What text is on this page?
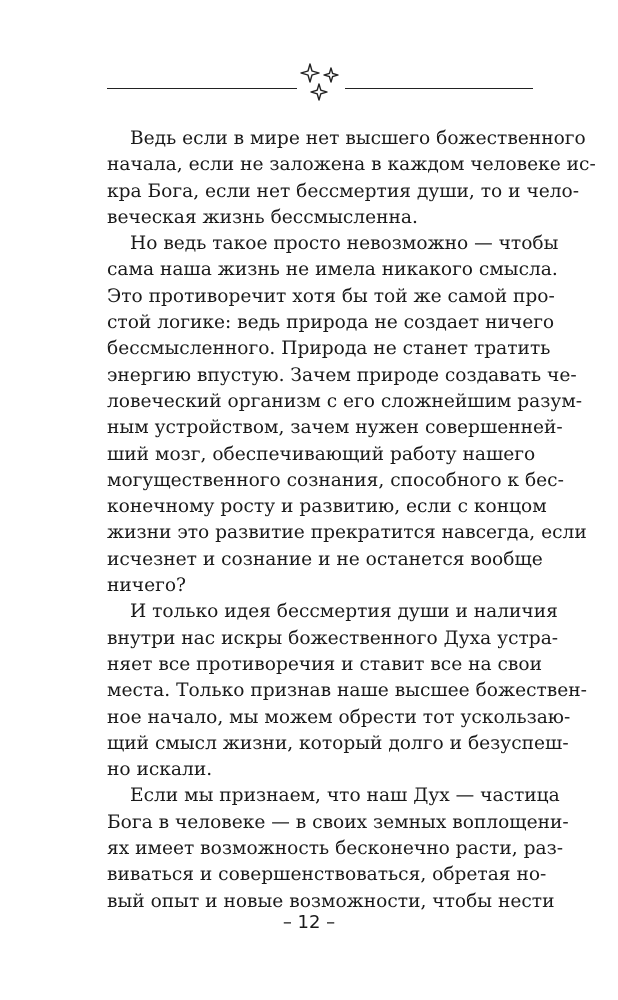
Ведь если в мире нет высшего божественного
начала, если не заложена в каждом человеке ис-
кра Бога, если нет бессмертия души, то и чело-
веческая жизнь бессмысленна.
Но ведь такое просто невозможно — чтобы
сама наша жизнь не имела никакого смысла.
Это противоречит хотя бы той же самой про-
стой логике: ведь природа не создает ничего
бессмысленного. Природа не станет тратить
энергию впустую. Зачем природе создавать че-
ловеческий организм с его сложнейшим разум-
ным устройством, зачем нужен совершенней-
ший мозг, обеспечивающий работу нашего
могущественного сознания, способного к бес-
конечному росту и развитию, если с концом
жизни это развитие прекратится навсегда, если
исчезнет и сознание и не останется вообще
ничего?
И только идея бессмертия души и наличия
внутри нас искры божественного Духа устра-
няет все противоречия и ставит все на свои
места. Только признав наше высшее божествен-
ное начало, мы можем обрести тот ускользаю-
щий смысл жизни, который долго и безуспеш-
но искали.
Если мы признаем, что наш Дух — частица
Бога в человеке — в своих земных воплощени-
ях имеет возможность бесконечно расти, раз-
виваться и совершенствоваться, обретая но-
вый опыт и новые возможности, чтобы нести
– 12 –
